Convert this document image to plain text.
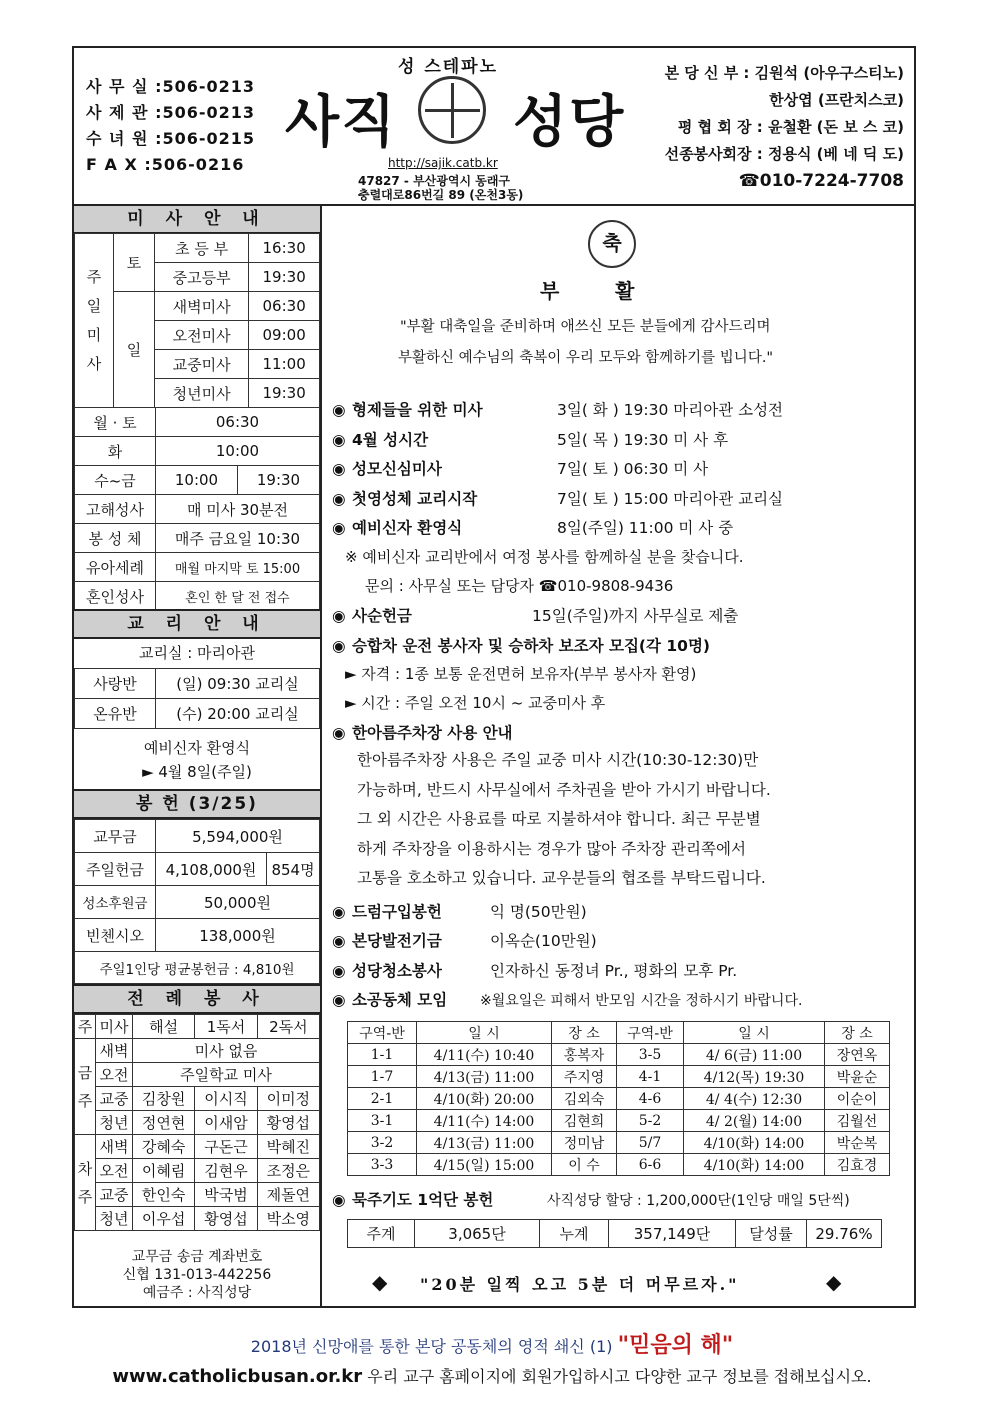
사 무 실 :506-0213
사 제 관 :506-0213
수 녀 원 :506-0215
F A X :506-0216
성 스테파노
사직 성당
http://sajik.catb.kr
47827 - 부산광역시 동래구
충렬대로86번길 89 (온천3동)
본 당 신 부 : 김원석 (아우구스티노)
한상엽 (프란치스코)
평 협 회 장 : 윤철환 (돈 보 스 코)
선종봉사회장 : 정용식 (베 네 딕 도)
☎010-7224-7708
미 사 안 내
주
일
미
사	토	초 등 부	16:30
		중고등부	19:30
	일	새벽미사	06:30
		오전미사	09:00
		교중미사	11:00
		청년미사	19:30
월 · 토	06:30	
화	10:00	
수~금	10:00	19:30
고해성사	매 미사 30분전	
봉 성 체	매주 금요일 10:30	
유아세례	매월 마지막 토 15:00	
혼인성사	혼인 한 달 전 접수	
교 리 안 내
교리실 : 마리아관
사랑반	(일) 09:30 교리실
온유반	(수) 20:00 교리실
예비신자 환영식
► 4월 8일(주일)
봉 헌 (3/25)
교무금	5,594,000원	
주일헌금	4,108,000원	854명
성소후원금	50,000원	
빈첸시오	138,000원	
주일1인당 평균봉헌금 : 4,810원		
전 례 봉 사
주	미사	해설	1독서	2독서
금
주	새벽	미사 없음		
	오전	주일학교 미사		
	교중	김창원	이시직	이미정
	청년	정연현	이새암	황영섭
차
주	새벽	강혜숙	구돈근	박혜진
	오전	이혜림	김현우	조정은
	교중	한인숙	박국범	제돌연
	청년	이우섭	황영섭	박소영
교무금 송금 계좌번호
신협 131-013-442256
예금주 : 사직성당
축
부        활
"부활 대축일을 준비하며 애쓰신 모든 분들에게 감사드리며
부활하신 예수님의 축복이 우리 모두와 함께하기를 빕니다."
◉ 형제들을 위한 미사	3일( 화 ) 19:30 마리아관 소성전
◉ 4월 성시간	5일( 목 ) 19:30 미 사 후
◉ 성모신심미사	7일( 토 ) 06:30 미 사
◉ 첫영성체 교리시작	7일( 토 ) 15:00 마리아관 교리실
◉ 예비신자 환영식	8일(주일) 11:00 미 사 중
※ 예비신자 교리반에서 여정 봉사를 함께하실 분을 찾습니다.
문의 : 사무실 또는 담당자 ☎010-9808-9436
◉ 사순헌금	15일(주일)까지 사무실로 제출
◉ 승합차 운전 봉사자 및 승하차 보조자 모집(각 10명)
► 자격 : 1종 보통 운전면허 보유자(부부 봉사자 환영)
► 시간 : 주일 오전 10시 ~ 교중미사 후
◉ 한아름주차장 사용 안내
한아름주차장 사용은 주일 교중 미사 시간(10:30-12:30)만
가능하며, 반드시 사무실에서 주차권을 받아 가시기 바랍니다.
그 외 시간은 사용료를 따로 지불하셔야 합니다. 최근 무분별
하게 주차장을 이용하시는 경우가 많아 주차장 관리쪽에서
고통을 호소하고 있습니다. 교우분들의 협조를 부탁드립니다.
◉ 드럼구입봉헌	익 명(50만원)
◉ 본당발전기금	이옥순(10만원)
◉ 성당청소봉사	인자하신 동정녀 Pr., 평화의 모후 Pr.
◉ 소공동체 모임 ※월요일은 피해서 반모임 시간을 정하시기 바랍니다.
구역-반	일 시	장 소	구역-반	일 시	장 소
1-1	4/11(수) 10:40	홍복자	3-5	4/ 6(금) 11:00	장연옥
1-7	4/13(금) 11:00	주지영	4-1	4/12(목) 19:30	박윤순
2-1	4/10(화) 20:00	김외숙	4-6	4/ 4(수) 12:30	이순이
3-1	4/11(수) 14:00	김현희	5-2	4/ 2(월) 14:00	김월선
3-2	4/13(금) 11:00	정미남	5/7	4/10(화) 14:00	박순복
3-3	4/15(일) 15:00	이 수	6-6	4/10(화) 14:00	김효경
◉ 묵주기도 1억단 봉헌	사직성당 할당 : 1,200,000단(1인당 매일 5단씩)
주계	3,065단	누계	357,149단	달성률	29.76%
◆ "20분 일찍 오고 5분 더 머무르자."	◆
2018년 신망애를 통한 본당 공동체의 영적 쇄신 (1) "믿음의 해"
www.catholicbusan.or.kr 우리 교구 홈페이지에 회원가입하시고 다양한 교구 정보를 접해보십시오.
